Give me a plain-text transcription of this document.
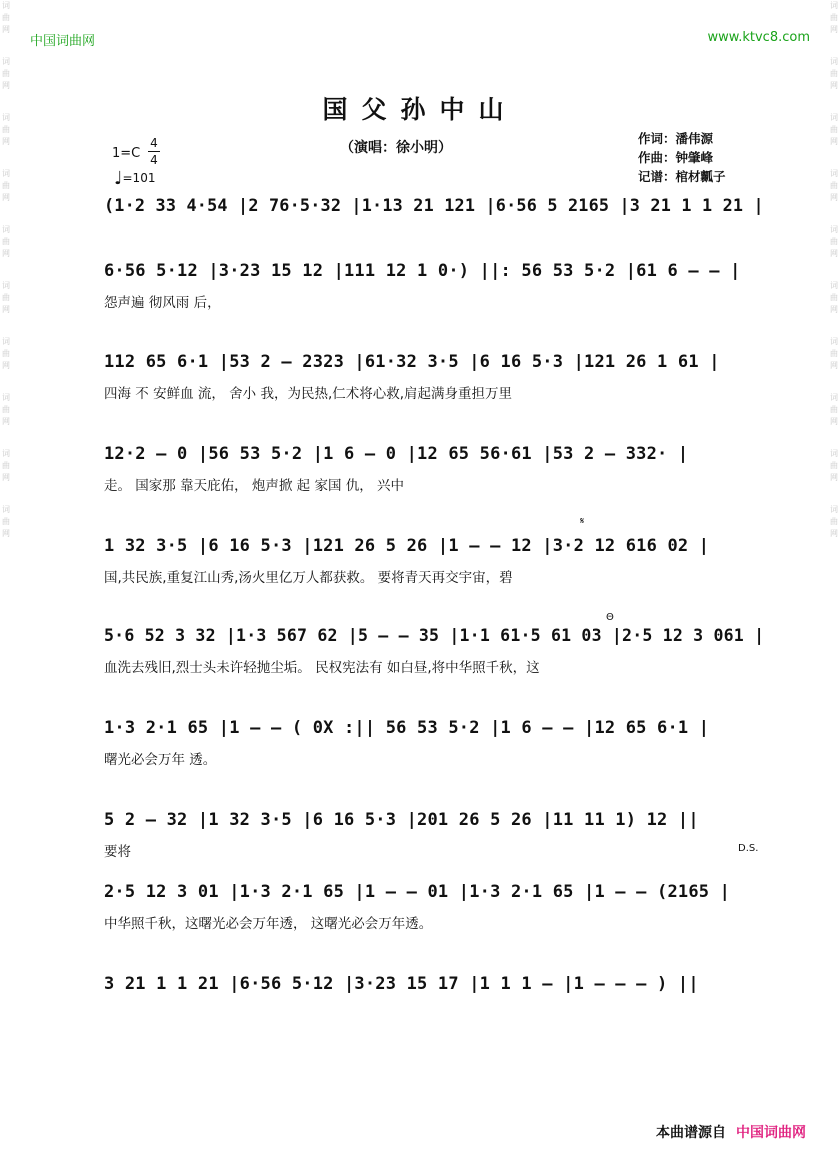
词
曲
网
词
曲
网
词
曲
网
词
曲
网
词
曲
网
词
曲
网
词
曲
网
词
曲
网
词
曲
网
词
曲
网
词
曲
网
词
曲
网
词
曲
网
词
曲
网
词
曲
网
词
曲
网
词
曲
网
词
曲
网
词
曲
网
词
曲
网
中国词曲网	www.ktvc8.com
国父孙中山
1=C
4
4
♩=101
（演唱：徐小明）
作词：潘伟源
作曲：钟肇峰
记谱：棺材瓤子
(1·2 33 4·54 |2 76·5·32 |1·13 21 121 |6·56 5 2165 |3 21 1 1 21 |
6·56 5·12 |3·23 15 12 |111 12 1 0·) ||: 56 53 5·2 |61 6 – – |
怨声遍 彻风雨 后，
112 65 6·1 |53 2 – 2323 |61·32 3·5 |6 16 5·3 |121 26 1 61 |
四海 不 安鲜血 流， 舍小 我，为民热,仁术将心救,肩起满身重担万里
12·2 – 0 |56 53 5·2 |1 6 – 0 |12 65 56·61 |53 2 – 332· |
走。 国家那 靠天庇佑， 炮声掀 起 家国 仇， 兴中
1 32 3·5 |6 16 5·3 |121 26 5 26 |1 – – 12 |3·2 12 616 02 |
国,共民族,重复江山秀,汤火里亿万人都获救。 要将青天再交宇宙，碧
5·6 52 3 32 |1·3 567 62 |5 – – 35 |1·1 61·5 61 03 |2·5 12 3 061 |
血洗去残旧,烈士头未许轻抛尘垢。 民权宪法有 如白昼,将中华照千秋，这
1·3 2·1 65 |1 – – ( 0X :|| 56 53 5·2 |1 6 – – |12 65 6·1 |
曙光必会万年 透。
5 2 – 32 |1 32 3·5 |6 16 5·3 |201 26 5 26 |11 11 1) 12 ||
要将
2·5 12 3 01 |1·3 2·1 65 |1 – – 01 |1·3 2·1 65 |1 – – (2165 |
中华照千秋，这曙光必会万年透， 这曙光必会万年透。
3 21 1 1 21 |6·56 5·12 |3·23 15 17 |1 1 1 – |1 – – – ) ||
𝄋
Θ
D.S.
本曲谱源自 中国词曲网
